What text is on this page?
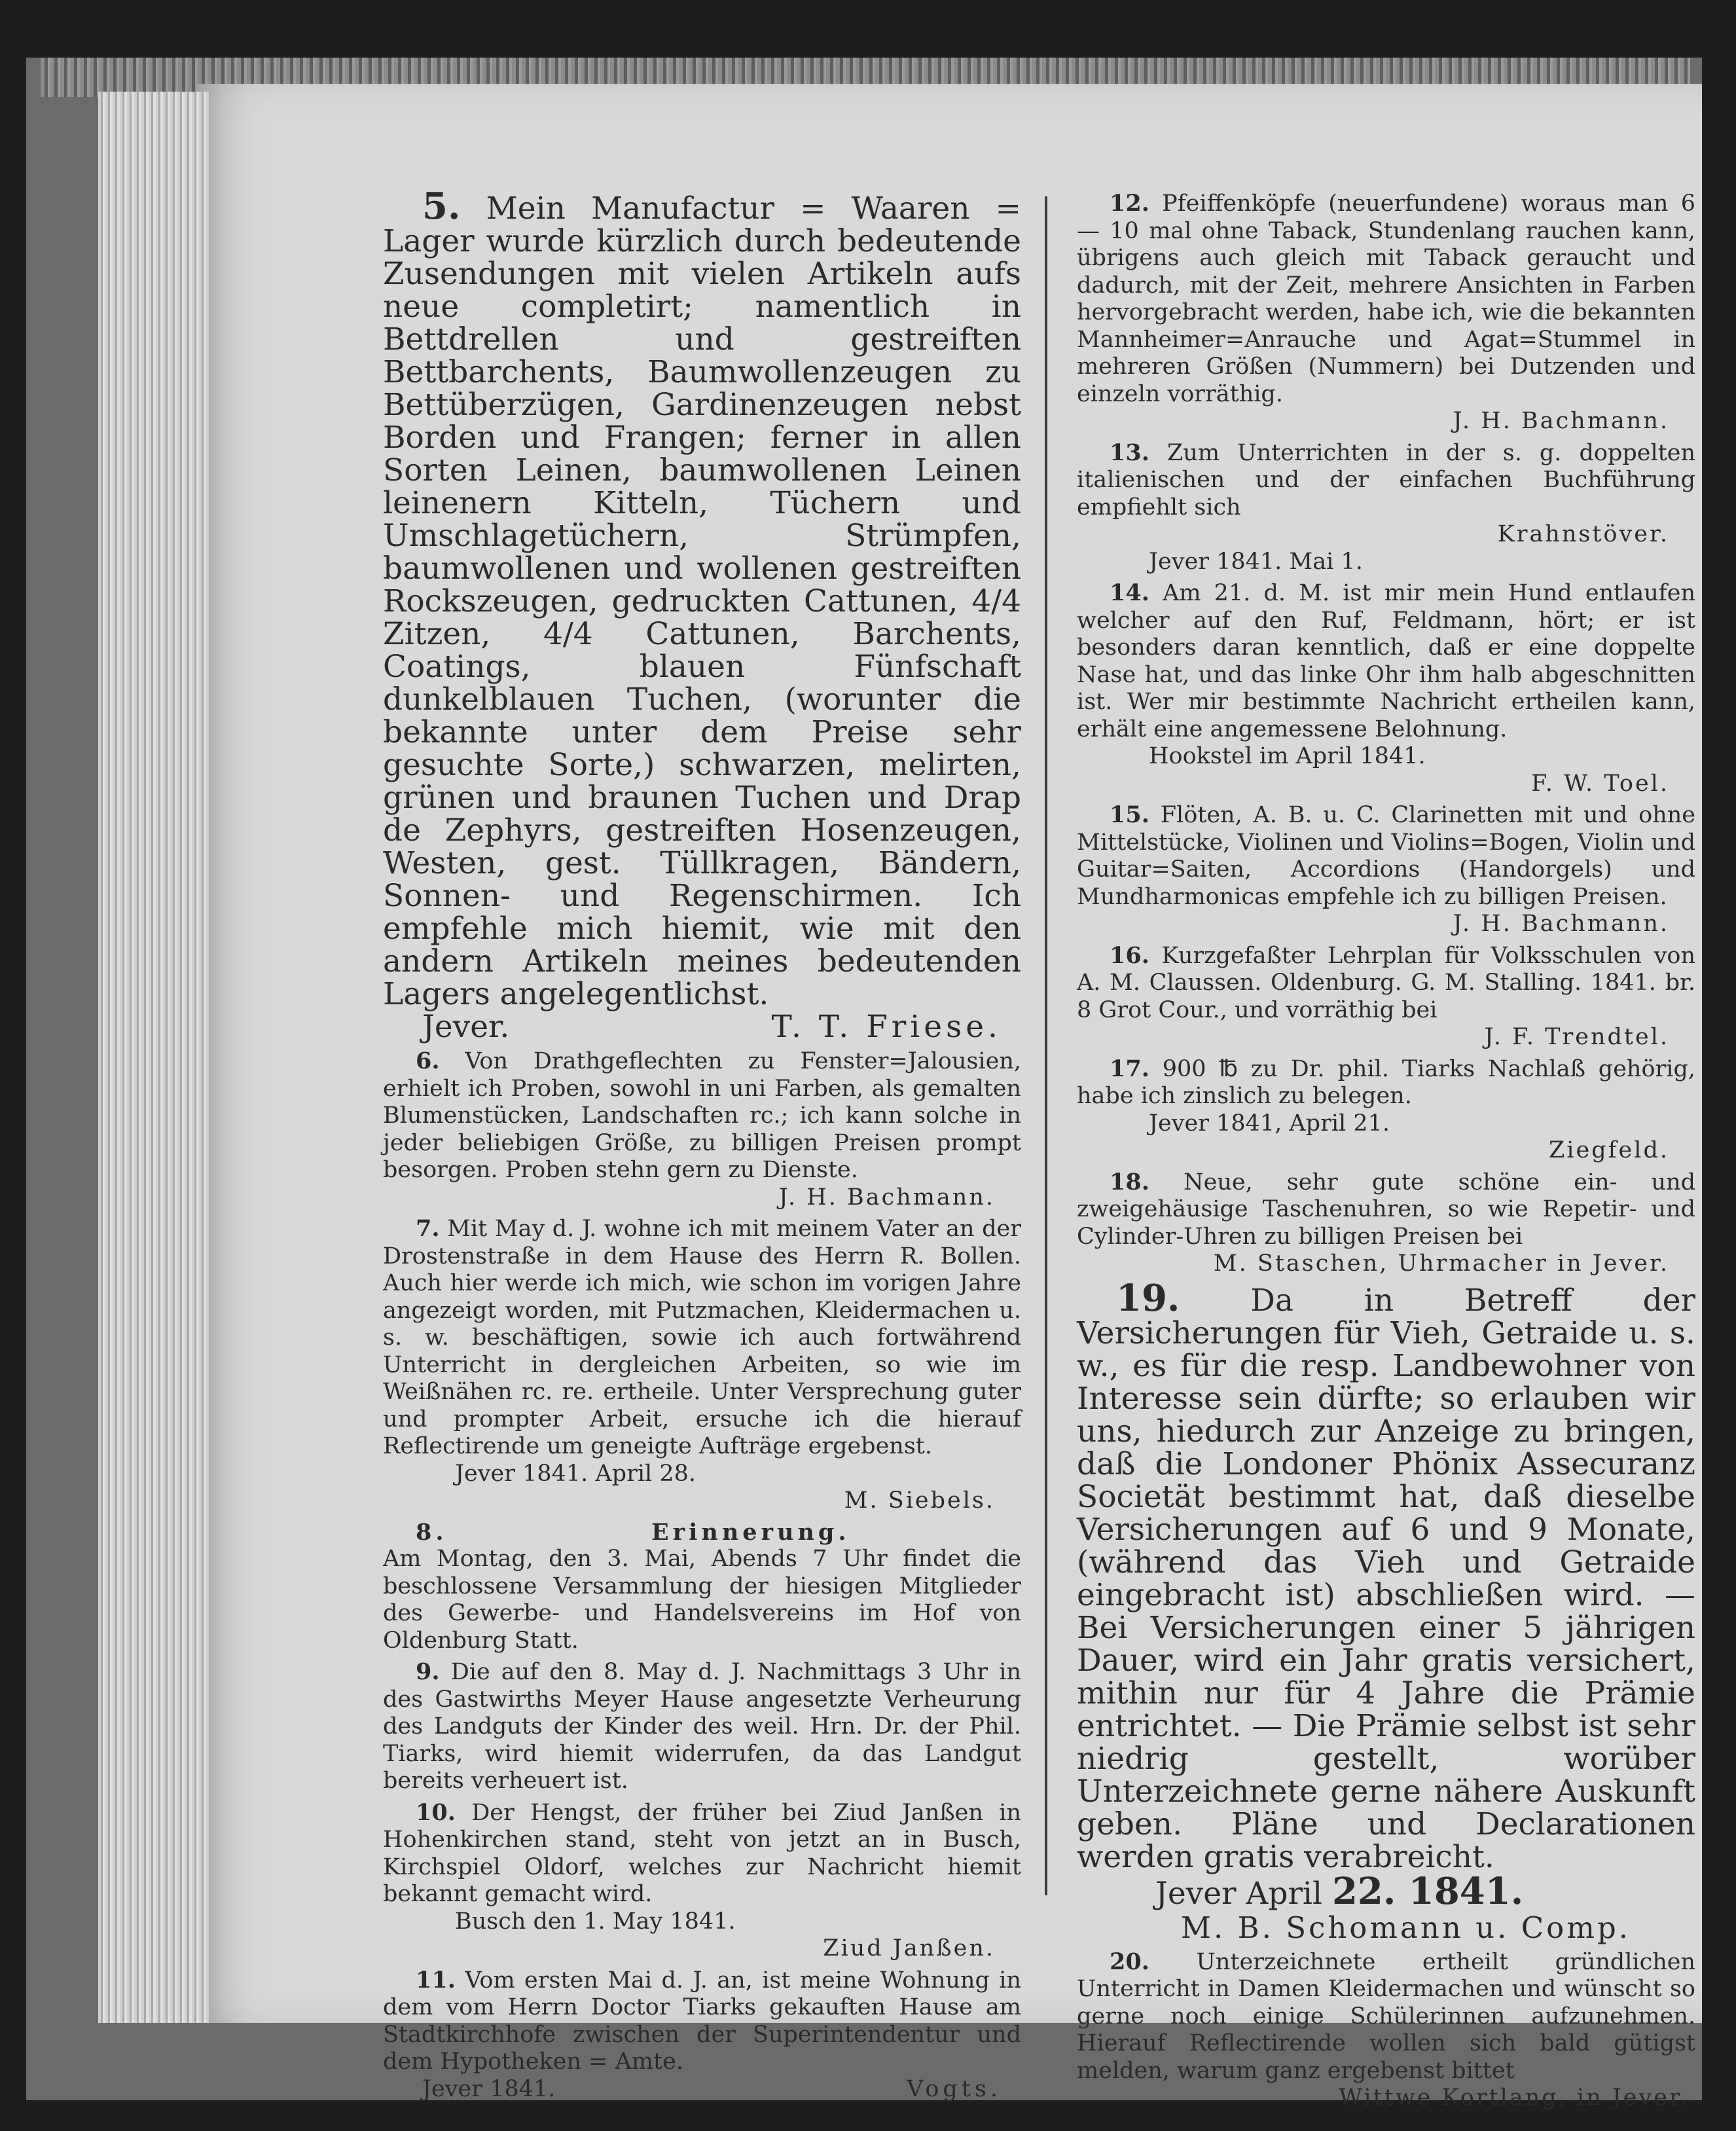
5. Mein Manufactur = Waaren = Lager wurde kürzlich durch bedeutende Zusendungen mit vielen Artikeln aufs neue completirt; namentlich in Bettdrellen und gestreiften Bettbarchents, Baumwollenzeugen zu Bettüberzügen, Gardinenzeugen nebst Borden und Frangen; ferner in allen Sorten Leinen, baumwollenen Leinen leinenern Kitteln, Tüchern und Umschlagetüchern, Strümpfen, baumwollenen und wollenen gestreiften Rockszeugen, gedruckten Cattunen, 4/4 Zitzen, 4/4 Cattunen, Barchents, Coatings, blauen Fünfschaft dunkelblauen Tuchen, (worunter die bekannte unter dem Preise sehr gesuchte Sorte,) schwarzen, melirten, grünen und braunen Tuchen und Drap de Zephyrs, gestreiften Hosenzeugen, Westen, gest. Tüllkragen, Bändern, Sonnen- und Regenschirmen. Ich empfehle mich hiemit, wie mit den andern Artikeln meines bedeutenden Lagers angelegentlichst.

Jever.	T. T. Friese.

6. Von Drathgeflechten zu Fenster=Jalousien, erhielt ich Proben, sowohl in uni Farben, als gemalten Blumenstücken, Landschaften rc.; ich kann solche in jeder beliebigen Größe, zu billigen Preisen prompt besorgen. Proben stehn gern zu Dienste.

J. H. Bachmann.

7. Mit May d. J. wohne ich mit meinem Vater an der Drostenstraße in dem Hause des Herrn R. Bollen. Auch hier werde ich mich, wie schon im vorigen Jahre angezeigt worden, mit Putzmachen, Kleidermachen u. s. w. beschäftigen, sowie ich auch fortwährend Unterricht in dergleichen Arbeiten, so wie im Weißnähen rc. re. ertheile. Unter Versprechung guter und prompter Arbeit, ersuche ich die hierauf Reflectirende um geneigte Aufträge ergebenst.

Jever 1841. April 28.

M. Siebels.

8.	Erinnerung.

Am Montag, den 3. Mai, Abends 7 Uhr findet die beschlossene Versammlung der hiesigen Mitglieder des Gewerbe- und Handelsvereins im Hof von Oldenburg Statt.

9. Die auf den 8. May d. J. Nachmittags 3 Uhr in des Gastwirths Meyer Hause angesetzte Verheurung des Landguts der Kinder des weil. Hrn. Dr. der Phil. Tiarks, wird hiemit widerrufen, da das Landgut bereits verheuert ist.

10. Der Hengst, der früher bei Ziud Janßen in Hohenkirchen stand, steht von jetzt an in Busch, Kirchspiel Oldorf, welches zur Nachricht hiemit bekannt gemacht wird.

Busch den 1. May 1841.

Ziud Janßen.

11. Vom ersten Mai d. J. an, ist meine Wohnung in dem vom Herrn Doctor Tiarks gekauften Hause am Stadtkirchhofe zwischen der Superintendentur und dem Hypotheken = Amte.

Jever 1841.	Vogts.

12. Pfeiffenköpfe (neuerfundene) woraus man 6 — 10 mal ohne Taback, Stundenlang rauchen kann, übrigens auch gleich mit Taback geraucht und dadurch, mit der Zeit, mehrere Ansichten in Farben hervorgebracht werden, habe ich, wie die bekannten Mannheimer=Anrauche und Agat=Stummel in mehreren Größen (Nummern) bei Dutzenden und einzeln vorräthig.

J. H. Bachmann.

13. Zum Unterrichten in der s. g. doppelten italienischen und der einfachen Buchführung empfiehlt sich

Krahnstöver.

Jever 1841. Mai 1.

14. Am 21. d. M. ist mir mein Hund entlaufen welcher auf den Ruf, Feldmann, hört; er ist besonders daran kenntlich, daß er eine doppelte Nase hat, und das linke Ohr ihm halb abgeschnitten ist. Wer mir bestimmte Nachricht ertheilen kann, erhält eine angemessene Belohnung.

Hookstel im April 1841.

F. W. Toel.

15. Flöten, A. B. u. C. Clarinetten mit und ohne Mittelstücke, Violinen und Violins=Bogen, Violin und Guitar=Saiten, Accordions (Handorgels) und Mundharmonicas empfehle ich zu billigen Preisen.

J. H. Bachmann.

16. Kurzgefaßter Lehrplan für Volksschulen von A. M. Claussen. Oldenburg. G. M. Stalling. 1841. br. 8 Grot Cour., und vorräthig bei

J. F. Trendtel.

17. 900 ℔ zu Dr. phil. Tiarks Nachlaß gehörig, habe ich zinslich zu belegen.

Jever 1841, April 21.

Ziegfeld.

18. Neue, sehr gute schöne ein- und zweigehäusige Taschenuhren, so wie Repetir- und Cylinder-Uhren zu billigen Preisen bei

M. Staschen, Uhrmacher in Jever.

19. Da in Betreff der Versicherungen für Vieh, Getraide u. s. w., es für die resp. Landbewohner von Interesse sein dürfte; so erlauben wir uns, hiedurch zur Anzeige zu bringen, daß die Londoner Phönix Assecuranz Societät bestimmt hat, daß dieselbe Versicherungen auf 6 und 9 Monate, (während das Vieh und Getraide eingebracht ist) abschließen wird. — Bei Versicherungen einer 5 jährigen Dauer, wird ein Jahr gratis versichert, mithin nur für 4 Jahre die Prämie entrichtet. — Die Prämie selbst ist sehr niedrig gestellt, worüber Unterzeichnete gerne nähere Auskunft geben. Pläne und Declarationen werden gratis verabreicht.

Jever April 22. 1841.

M. B. Schomann u. Comp.

20. Unterzeichnete ertheilt gründlichen Unterricht in Damen Kleidermachen und wünscht so gerne noch einige Schülerinnen aufzunehmen. Hierauf Reflectirende wollen sich bald gütigst melden, warum ganz ergebenst bittet

Wittwe Kortlang, in Jever.
